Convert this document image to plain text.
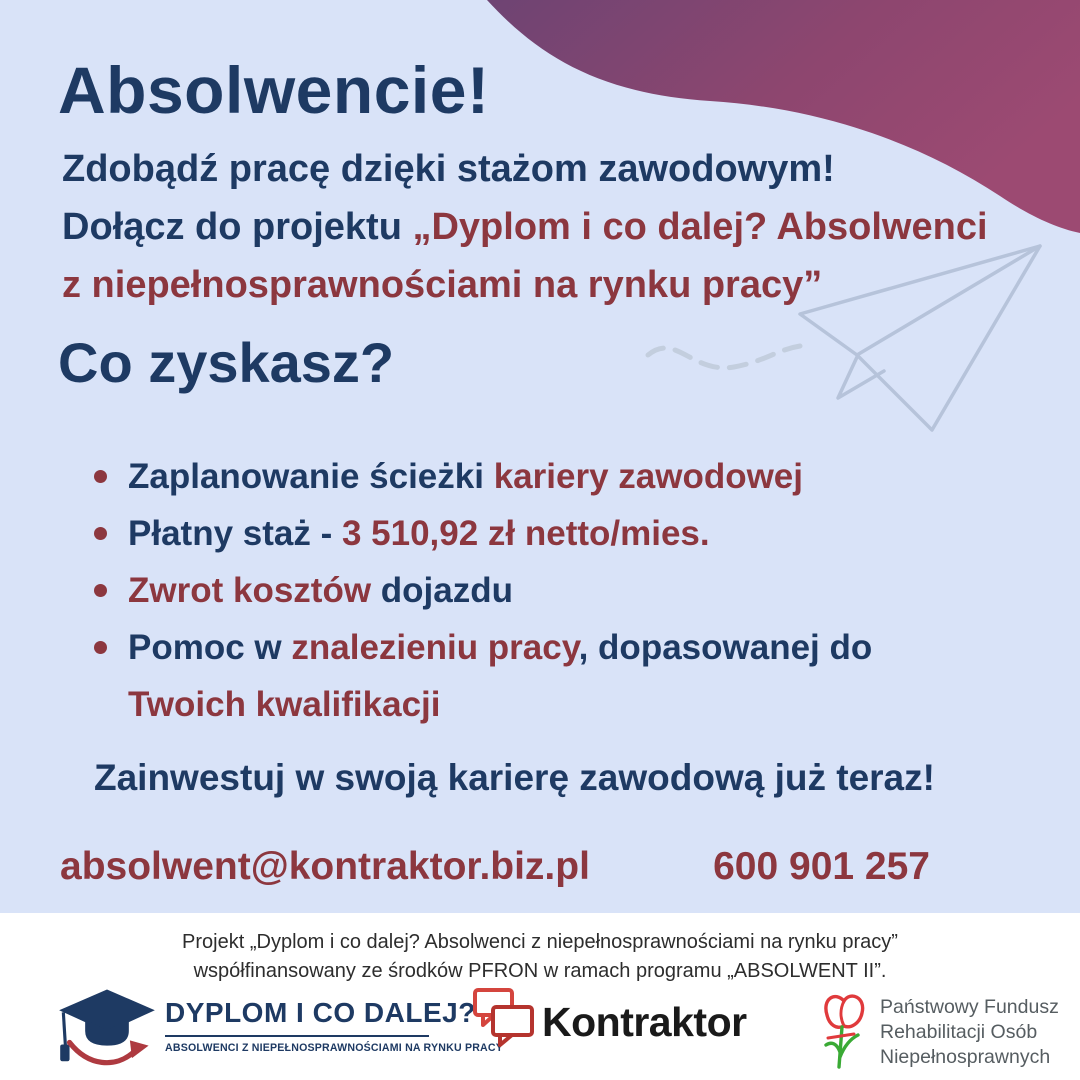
Absolwencie!
Zdobądź pracę dzięki stażom zawodowym!
Dołącz do projektu „Dyplom i co dalej? Absolwenci
z niepełnosprawnościami na rynku pracy”
Co zyskasz?
Zaplanowanie ścieżki kariery zawodowej
Płatny staż - 3 510,92 zł netto/mies.
Zwrot kosztów dojazdu
Pomoc w znalezieniu pracy, dopasowanej do
Twoich kwalifikacji
Zainwestuj w swoją karierę zawodową już teraz!
absolwent@kontraktor.biz.pl	600 901 257
Projekt „Dyplom i co dalej? Absolwenci z niepełnosprawnościami na rynku pracy”
współfinansowany ze środków PFRON w ramach programu „ABSOLWENT II”.
DYPLOM I CO DALEJ?
ABSOLWENCI Z NIEPEŁNOSPRAWNOŚCIAMI NA RYNKU PRACY
Kontraktor	Państwowy Fundusz
Rehabilitacji Osób
Niepełnosprawnych
